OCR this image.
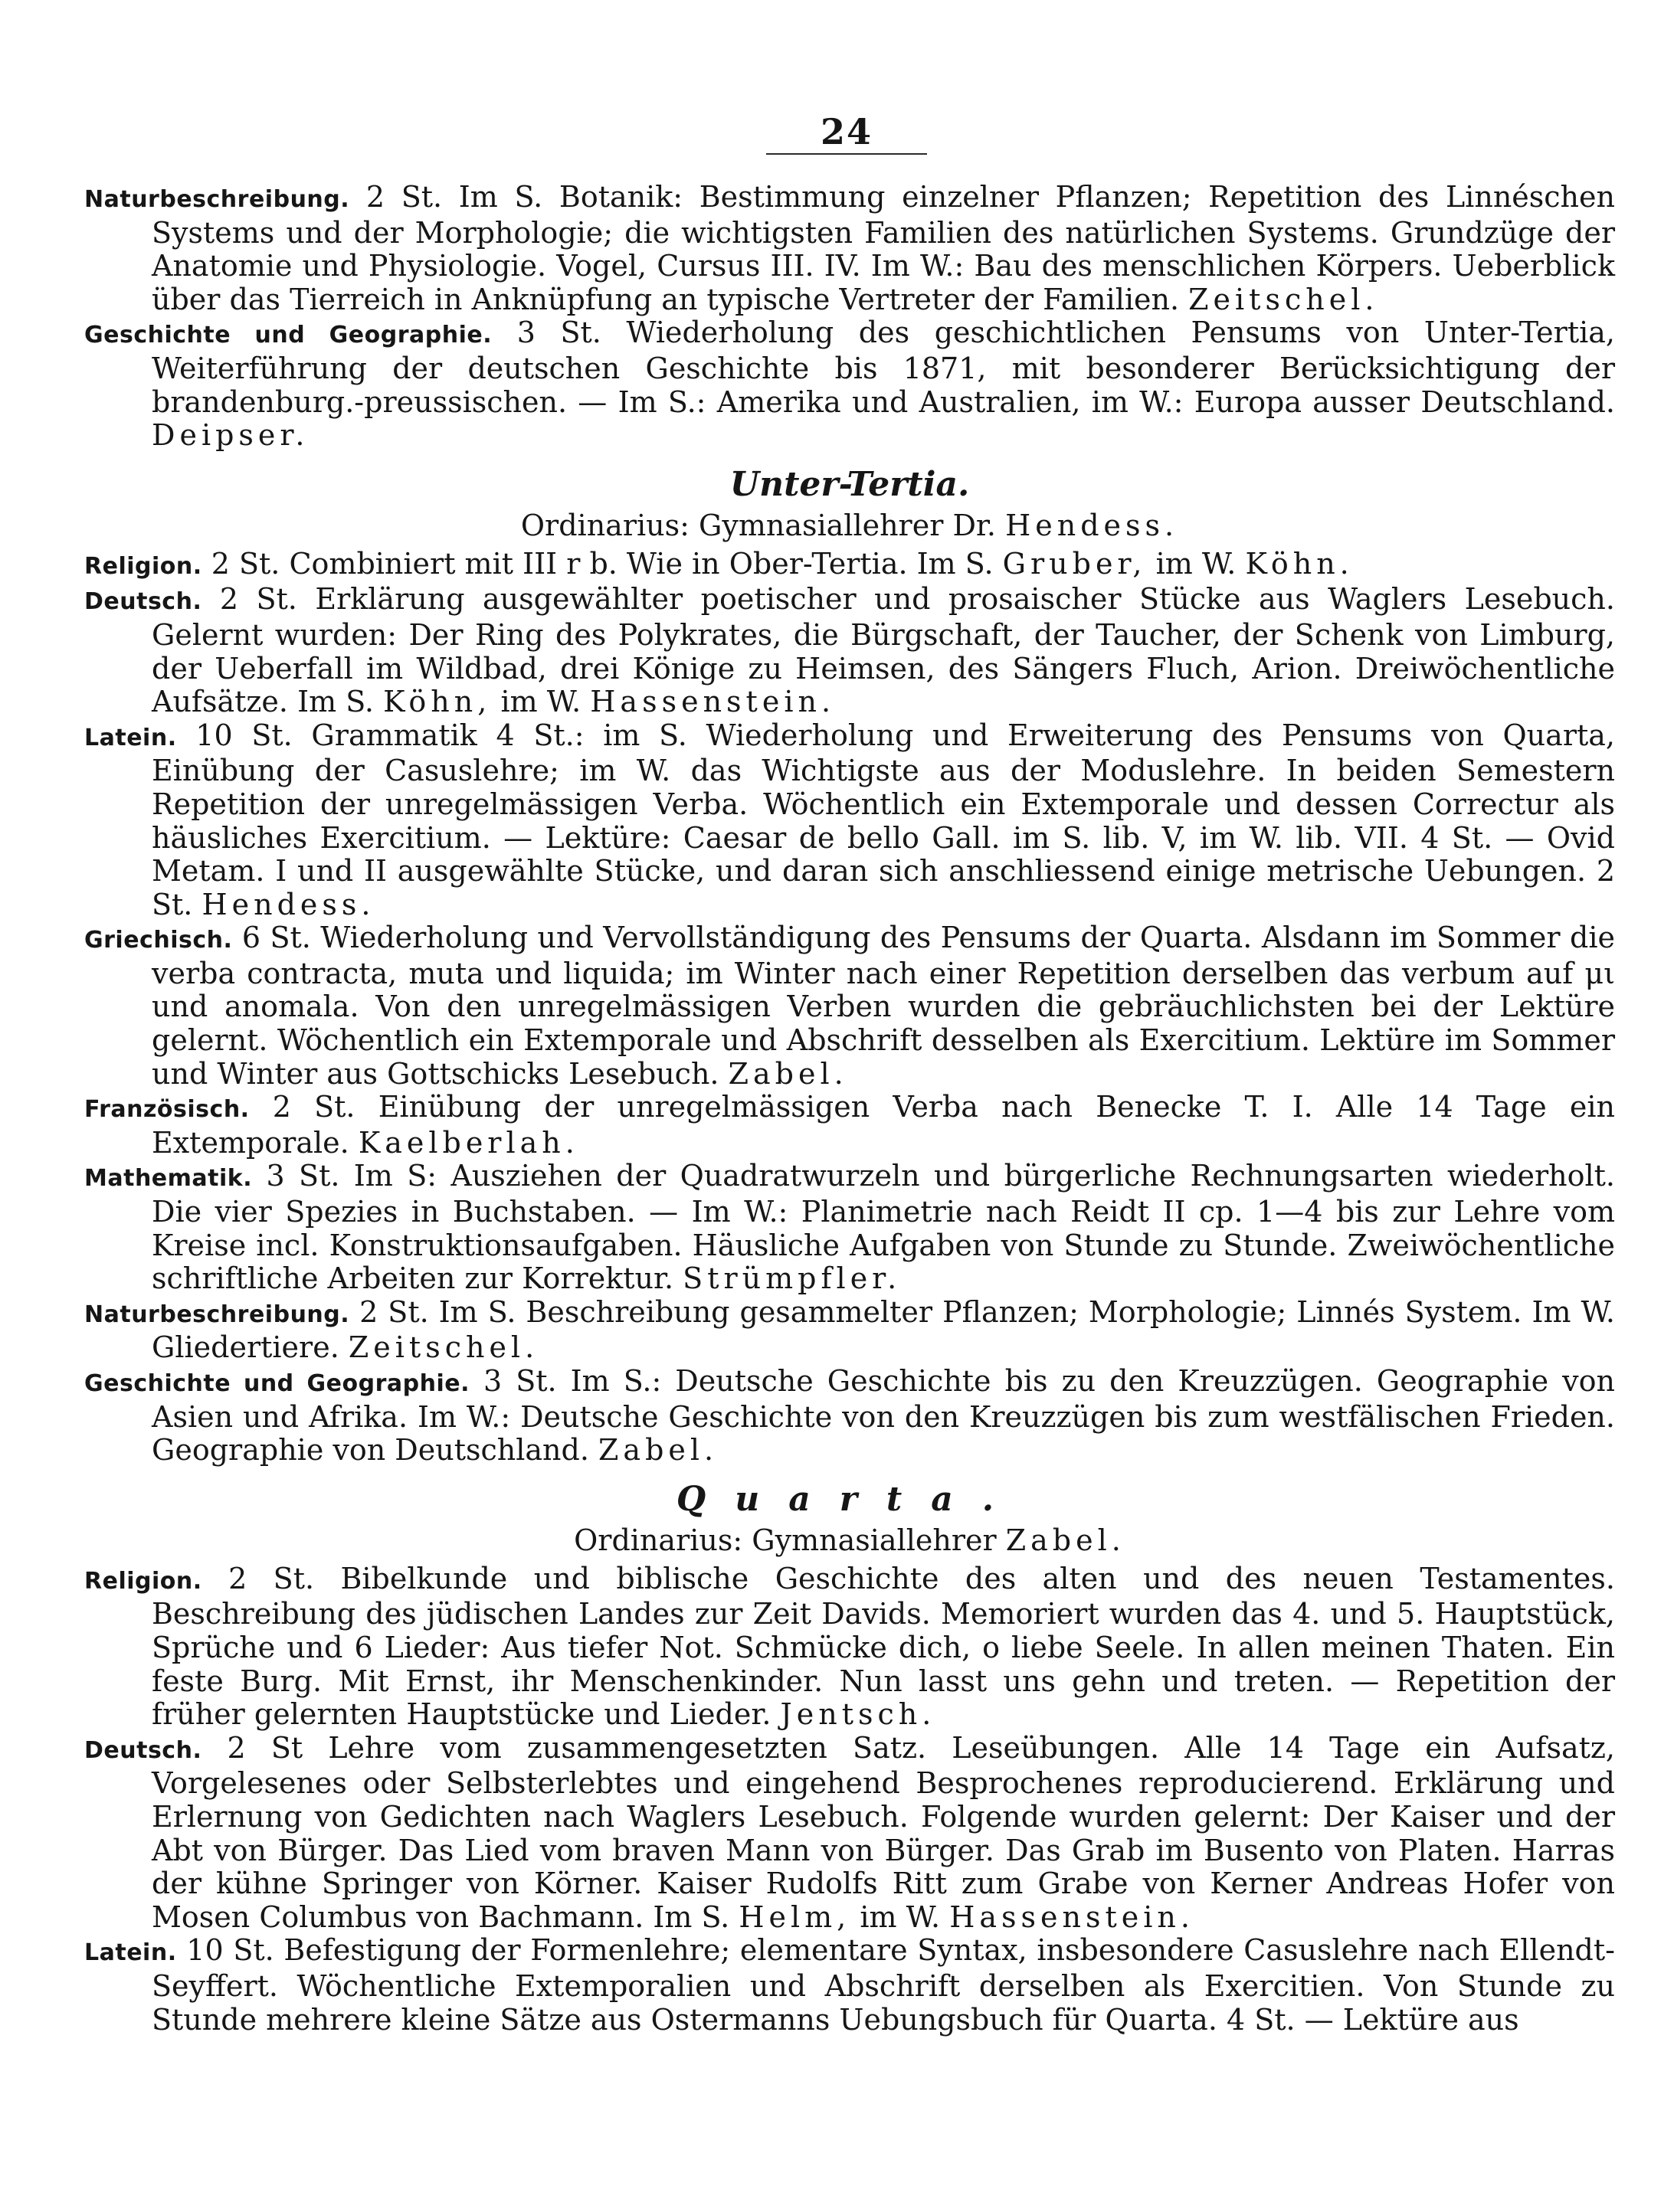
24

Naturbeschreibung. 2 St. Im S. Botanik: Bestimmung einzelner Pflanzen; Repetition des Linnéschen Systems und der Morphologie; die wichtigsten Familien des natürlichen Systems. Grundzüge der Anatomie und Physiologie. Vogel, Cursus III. IV. Im W.: Bau des menschlichen Körpers. Ueberblick über das Tierreich in Anknüpfung an typische Vertreter der Familien. Zeitschel.

Geschichte und Geographie. 3 St. Wiederholung des geschichtlichen Pensums von Unter-Tertia, Weiterführung der deutschen Geschichte bis 1871, mit besonderer Berücksichtigung der brandenburg.-preussischen. — Im S.: Amerika und Australien, im W.: Europa ausser Deutschland. Deipser.

Unter-Tertia.
Ordinarius: Gymnasiallehrer Dr. Hendess.

Religion. 2 St. Combiniert mit III r b. Wie in Ober-Tertia. Im S. Gruber, im W. Köhn.

Deutsch. 2 St. Erklärung ausgewählter poetischer und prosaischer Stücke aus Waglers Lesebuch. Gelernt wurden: Der Ring des Polykrates, die Bürgschaft, der Taucher, der Schenk von Limburg, der Ueberfall im Wildbad, drei Könige zu Heimsen, des Sängers Fluch, Arion. Dreiwöchentliche Aufsätze. Im S. Köhn, im W. Hassenstein.

Latein. 10 St. Grammatik 4 St.: im S. Wiederholung und Erweiterung des Pensums von Quarta, Einübung der Casuslehre; im W. das Wichtigste aus der Moduslehre. In beiden Semestern Repetition der unregelmässigen Verba. Wöchentlich ein Extemporale und dessen Correctur als häusliches Exercitium. — Lektüre: Caesar de bello Gall. im S. lib. V, im W. lib. VII. 4 St. — Ovid Metam. I und II ausgewählte Stücke, und daran sich anschliessend einige metrische Uebungen. 2 St. Hendess.

Griechisch. 6 St. Wiederholung und Vervollständigung des Pensums der Quarta. Alsdann im Sommer die verba contracta, muta und liquida; im Winter nach einer Repetition derselben das verbum auf μι und anomala. Von den unregelmässigen Verben wurden die gebräuchlichsten bei der Lektüre gelernt. Wöchentlich ein Extemporale und Abschrift desselben als Exercitium. Lektüre im Sommer und Winter aus Gottschicks Lesebuch. Zabel.

Französisch. 2 St. Einübung der unregelmässigen Verba nach Benecke T. I. Alle 14 Tage ein Extemporale. Kaelberlah.

Mathematik. 3 St. Im S: Ausziehen der Quadratwurzeln und bürgerliche Rechnungsarten wiederholt. Die vier Spezies in Buchstaben. — Im W.: Planimetrie nach Reidt II cp. 1—4 bis zur Lehre vom Kreise incl. Konstruktionsaufgaben. Häusliche Aufgaben von Stunde zu Stunde. Zweiwöchentliche schriftliche Arbeiten zur Korrektur. Strümpfler.

Naturbeschreibung. 2 St. Im S. Beschreibung gesammelter Pflanzen; Morphologie; Linnés System. Im W. Gliedertiere. Zeitschel.

Geschichte und Geographie. 3 St. Im S.: Deutsche Geschichte bis zu den Kreuzzügen. Geographie von Asien und Afrika. Im W.: Deutsche Geschichte von den Kreuzzügen bis zum westfälischen Frieden. Geographie von Deutschland. Zabel.

Quarta.
Ordinarius: Gymnasiallehrer Zabel.

Religion. 2 St. Bibelkunde und biblische Geschichte des alten und des neuen Testamentes. Beschreibung des jüdischen Landes zur Zeit Davids. Memoriert wurden das 4. und 5. Hauptstück, Sprüche und 6 Lieder: Aus tiefer Not. Schmücke dich, o liebe Seele. In allen meinen Thaten. Ein feste Burg. Mit Ernst, ihr Menschenkinder. Nun lasst uns gehn und treten. — Repetition der früher gelernten Hauptstücke und Lieder. Jentsch.

Deutsch. 2 St Lehre vom zusammengesetzten Satz. Leseübungen. Alle 14 Tage ein Aufsatz, Vorgelesenes oder Selbsterlebtes und eingehend Besprochenes reproducierend. Erklärung und Erlernung von Gedichten nach Waglers Lesebuch. Folgende wurden gelernt: Der Kaiser und der Abt von Bürger. Das Lied vom braven Mann von Bürger. Das Grab im Busento von Platen. Harras der kühne Springer von Körner. Kaiser Rudolfs Ritt zum Grabe von Kerner Andreas Hofer von Mosen Columbus von Bachmann. Im S. Helm, im W. Hassenstein.

Latein. 10 St. Befestigung der Formenlehre; elementare Syntax, insbesondere Casuslehre nach Ellendt-Seyffert. Wöchentliche Extemporalien und Abschrift derselben als Exercitien. Von Stunde zu Stunde mehrere kleine Sätze aus Ostermanns Uebungsbuch für Quarta. 4 St. — Lektüre aus
